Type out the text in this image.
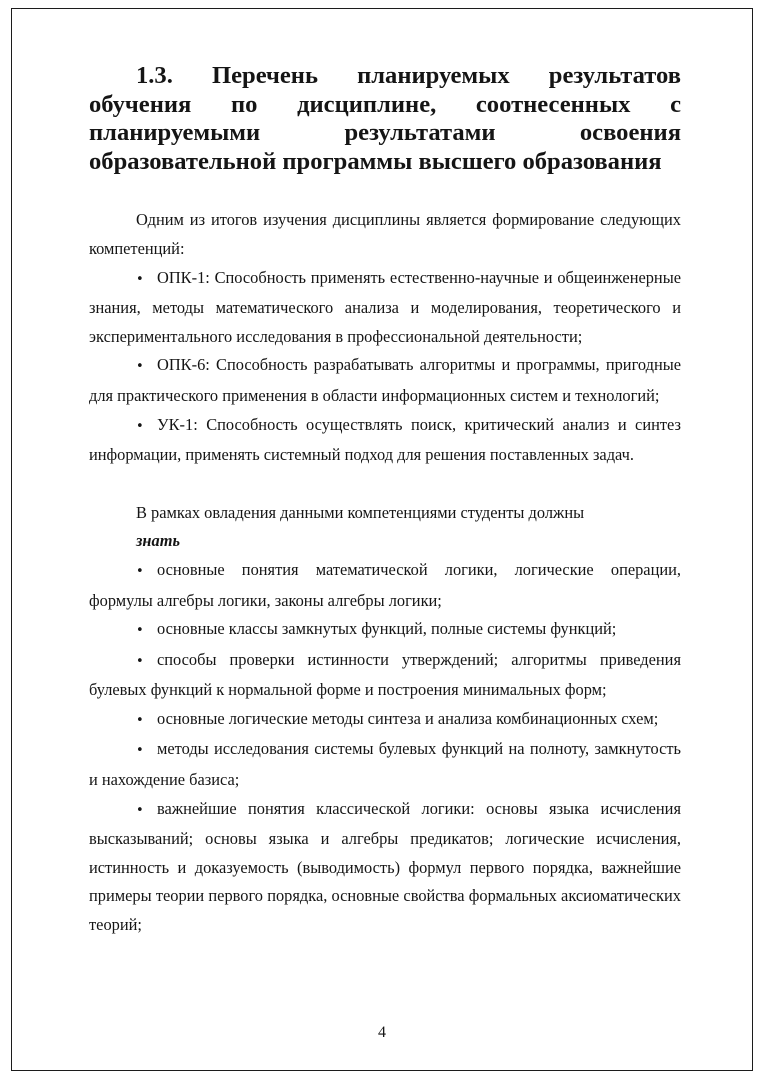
1.3. Перечень планируемых результатов обучения по дисциплине, соотнесенных с планируемыми результатами освоения образовательной программы высшего образования

Одним из итогов изучения дисциплины является формирование следующих компетенций:

• ОПК-1: Способность применять естественно-научные и общеинженерные знания, методы математического анализа и моделирования, теоретического и экспериментального исследования в профессиональной деятельности;

• ОПК-6: Способность разрабатывать алгоритмы и программы, пригодные для практического применения в области информационных систем и технологий;

• УК-1: Способность осуществлять поиск, критический анализ и синтез информации, применять системный подход для решения поставленных задач.

В рамках овладения данными компетенциями студенты должны

знать

• основные понятия математической логики, логические операции, формулы алгебры логики, законы алгебры логики;

• основные классы замкнутых функций, полные системы функций;

• способы проверки истинности утверждений; алгоритмы приведения булевых функций к нормальной форме и построения минимальных форм;

• основные логические методы синтеза и анализа комбинационных схем;

• методы исследования системы булевых функций на полноту, замкнутость и нахождение базиса;

• важнейшие понятия классической логики: основы языка исчисления высказываний; основы языка и алгебры предикатов; логические исчисления, истинность и доказуемость (выводимость) формул первого порядка, важнейшие примеры теории первого порядка, основные свойства формальных аксиоматических теорий;

4
